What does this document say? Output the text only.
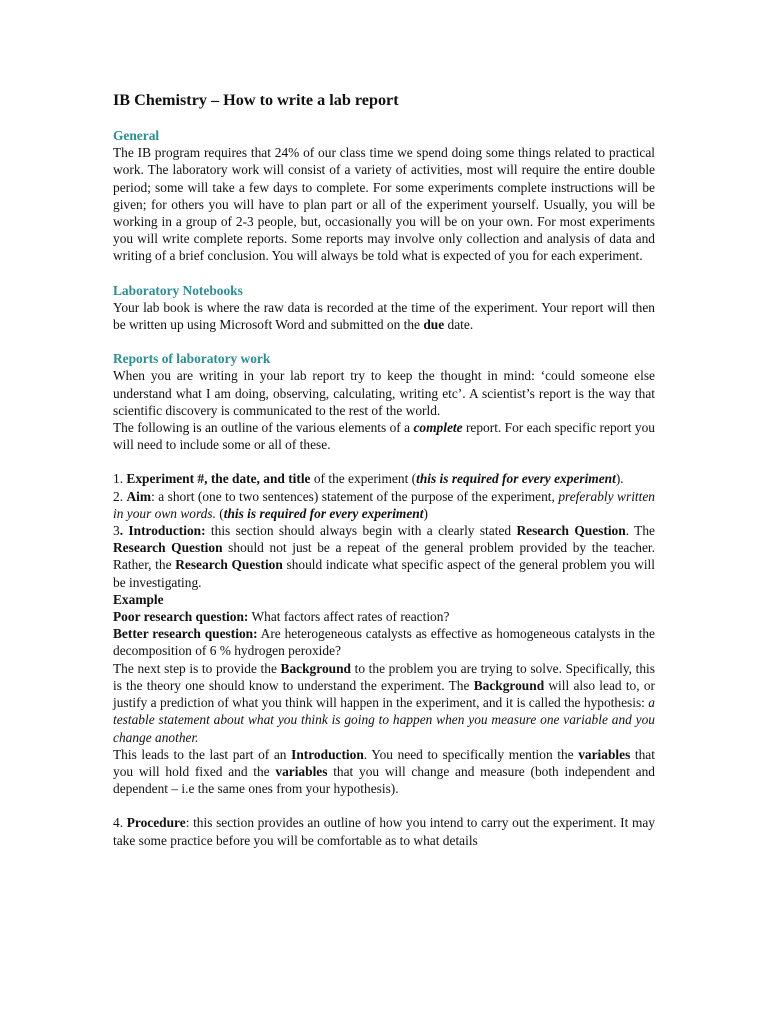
IB Chemistry – How to write a lab report
General

The IB program requires that 24% of our class time we spend doing some things related to practical work. The laboratory work will consist of a variety of activities, most will require the entire double period; some will take a few days to complete. For some experiments complete instructions will be given; for others you will have to plan part or all of the experiment yourself. Usually, you will be working in a group of 2-3 people, but, occasionally you will be on your own. For most experiments you will write complete reports. Some reports may involve only collection and analysis of data and writing of a brief conclusion. You will always be told what is expected of you for each experiment.

Laboratory Notebooks

Your lab book is where the raw data is recorded at the time of the experiment. Your report will then be written up using Microsoft Word and submitted on the due date.

Reports of laboratory work

When you are writing in your lab report try to keep the thought in mind: ‘could someone else understand what I am doing, observing, calculating, writing etc’. A scientist’s report is the way that scientific discovery is communicated to the rest of the world.

The following is an outline of the various elements of a complete report. For each specific report you will need to include some or all of these.

1. Experiment #, the date, and title of the experiment (this is required for every experiment).

2. Aim: a short (one to two sentences) statement of the purpose of the experiment, preferably written in your own words. (this is required for every experiment)

3. Introduction: this section should always begin with a clearly stated Research Question. The Research Question should not just be a repeat of the general problem provided by the teacher. Rather, the Research Question should indicate what specific aspect of the general problem you will be investigating.

Example

Poor research question: What factors affect rates of reaction?

Better research question: Are heterogeneous catalysts as effective as homogeneous catalysts in the decomposition of 6 % hydrogen peroxide?

The next step is to provide the Background to the problem you are trying to solve. Specifically, this is the theory one should know to understand the experiment. The Background will also lead to, or justify a prediction of what you think will happen in the experiment, and it is called the hypothesis: a testable statement about what you think is going to happen when you measure one variable and you change another.

This leads to the last part of an Introduction. You need to specifically mention the variables that you will hold fixed and the variables that you will change and measure (both independent and dependent – i.e the same ones from your hypothesis).

4. Procedure: this section provides an outline of how you intend to carry out the experiment. It may take some practice before you will be comfortable as to what details
